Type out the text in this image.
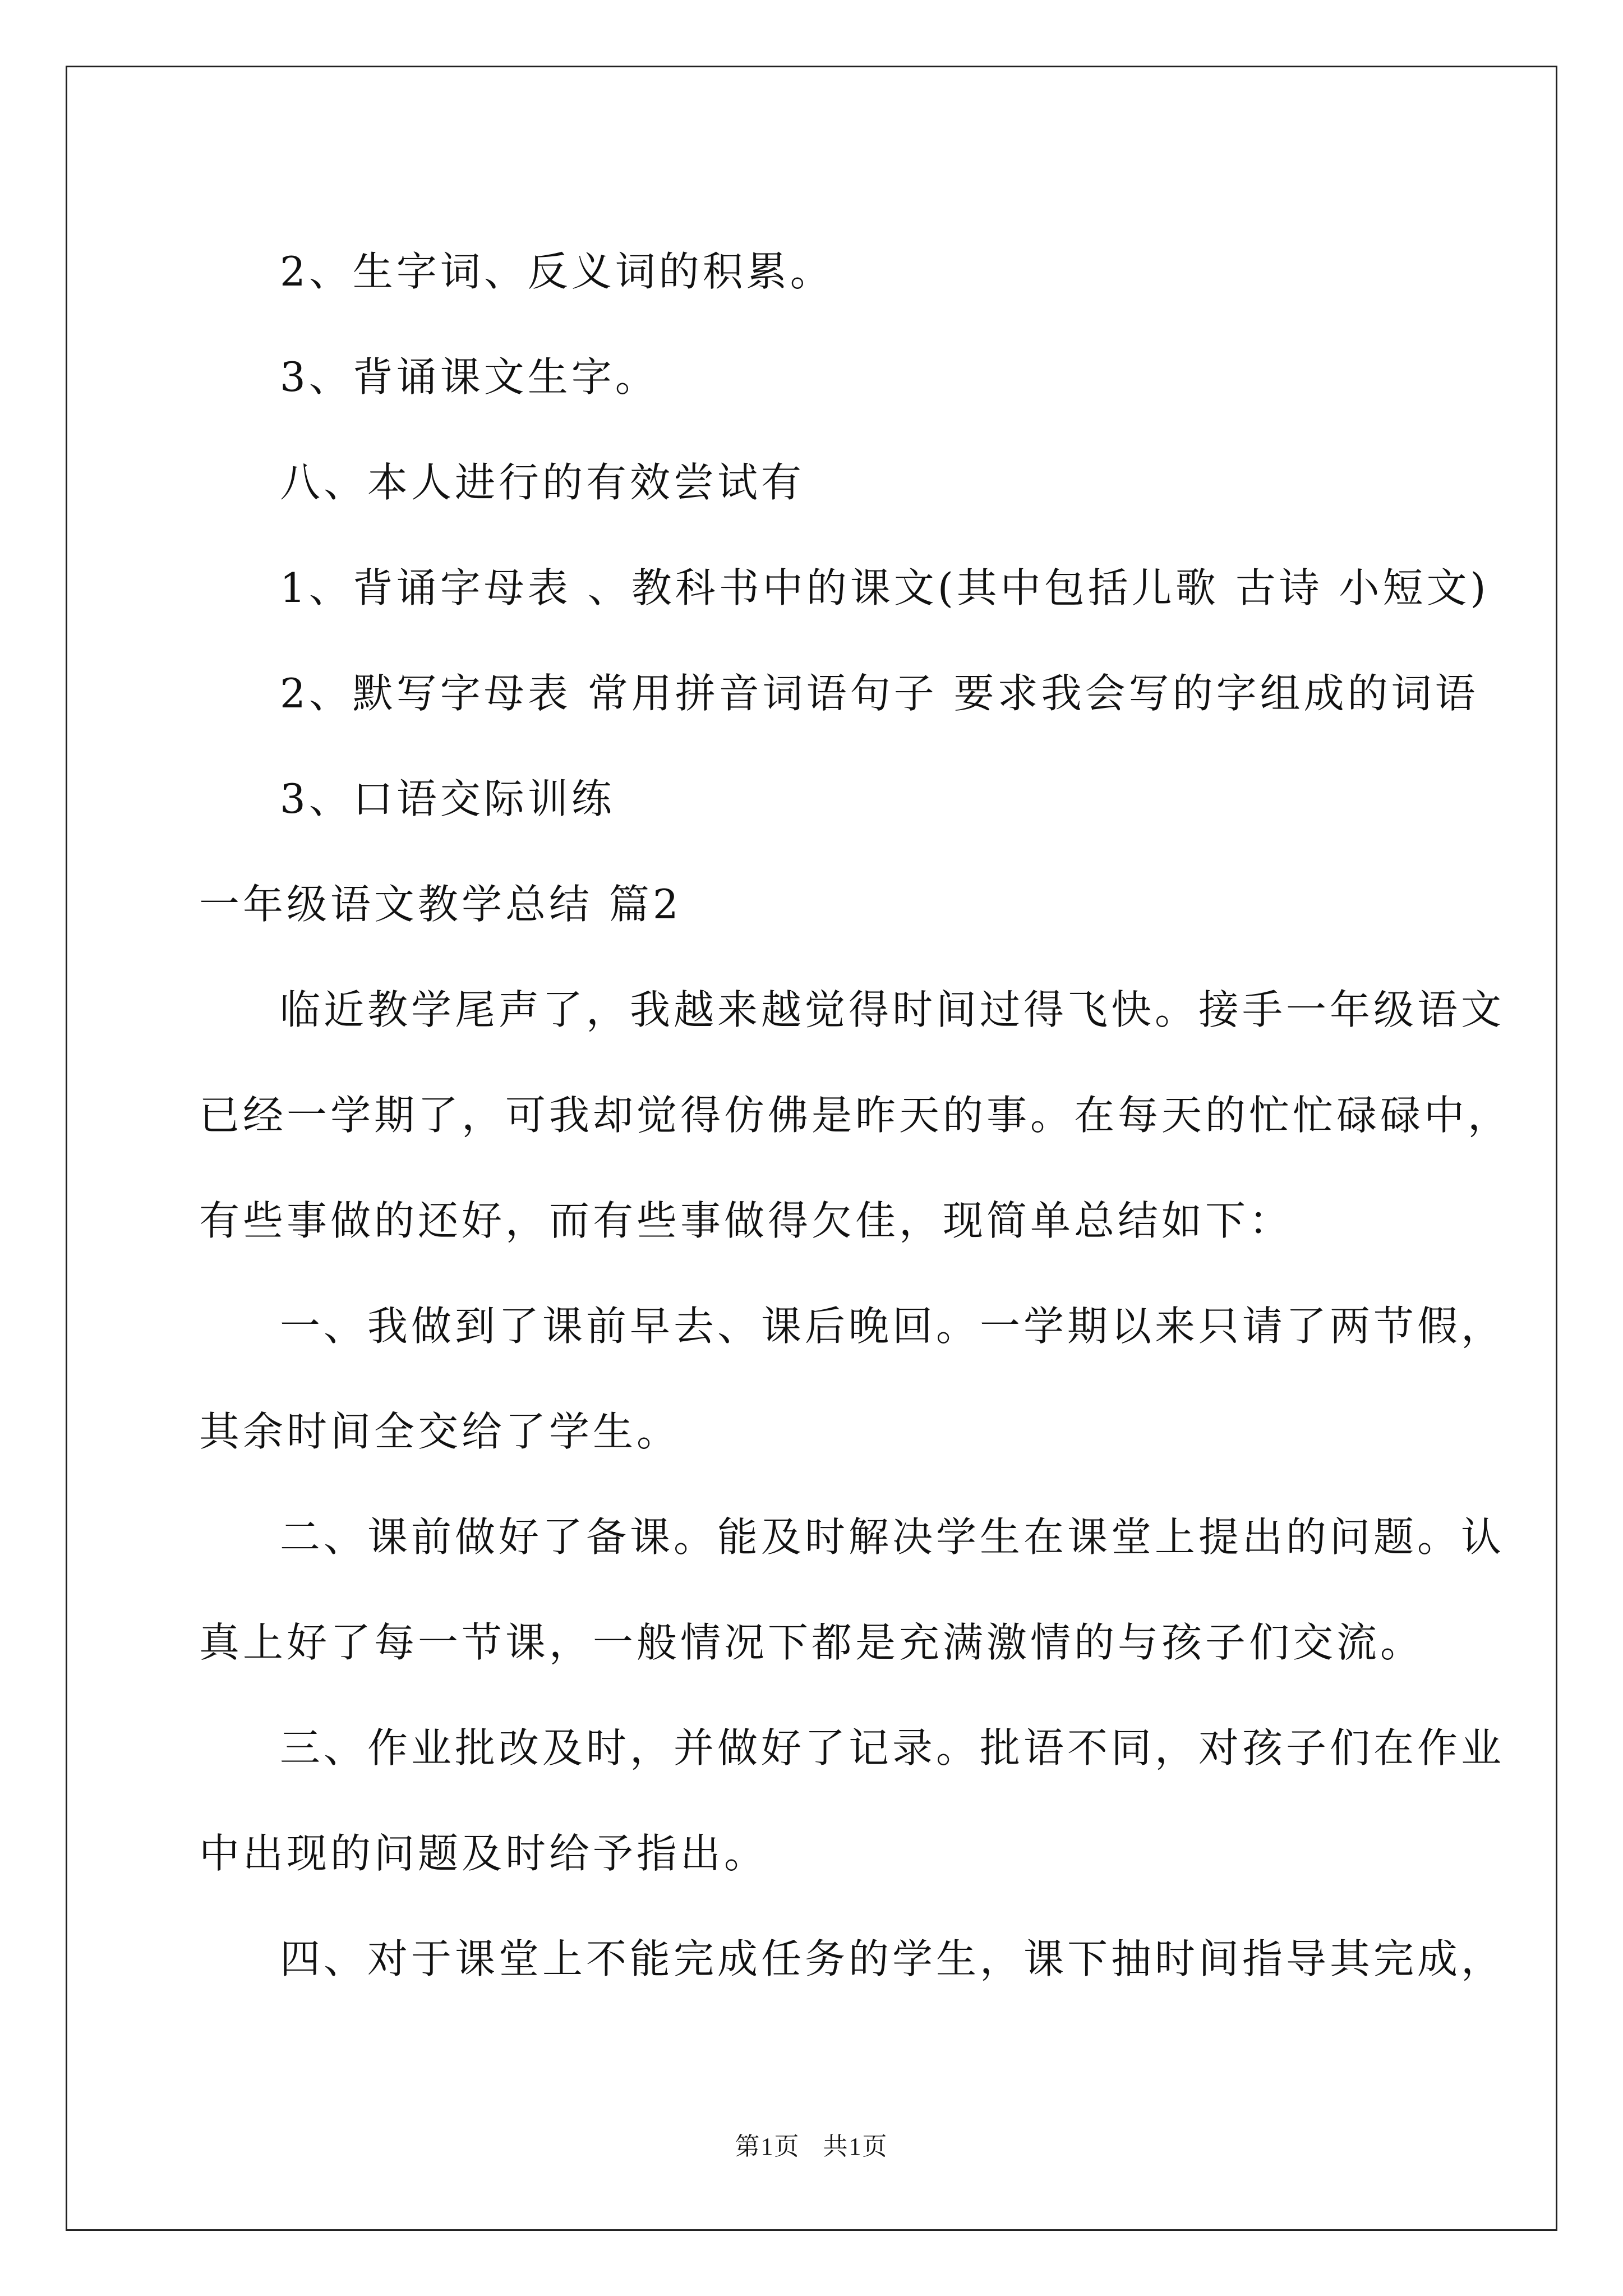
2、生字词、反义词的积累。

3、背诵课文生字。

八、本人进行的有效尝试有

1、背诵字母表 、教科书中的课文(其中包括儿歌 古诗 小短文)

2、默写字母表 常用拼音词语句子 要求我会写的字组成的词语

3、口语交际训练

一年级语文教学总结 篇2

临近教学尾声了，我越来越觉得时间过得飞快。接手一年级语文

已经一学期了，可我却觉得仿佛是昨天的事。在每天的忙忙碌碌中，

有些事做的还好，而有些事做得欠佳，现简单总结如下：

一、我做到了课前早去、课后晚回。一学期以来只请了两节假，

其余时间全交给了学生。

二、课前做好了备课。能及时解决学生在课堂上提出的问题。认

真上好了每一节课，一般情况下都是充满激情的与孩子们交流。

三、作业批改及时，并做好了记录。批语不同，对孩子们在作业

中出现的问题及时给予指出。

四、对于课堂上不能完成任务的学生，课下抽时间指导其完成，

第1页 共1页
